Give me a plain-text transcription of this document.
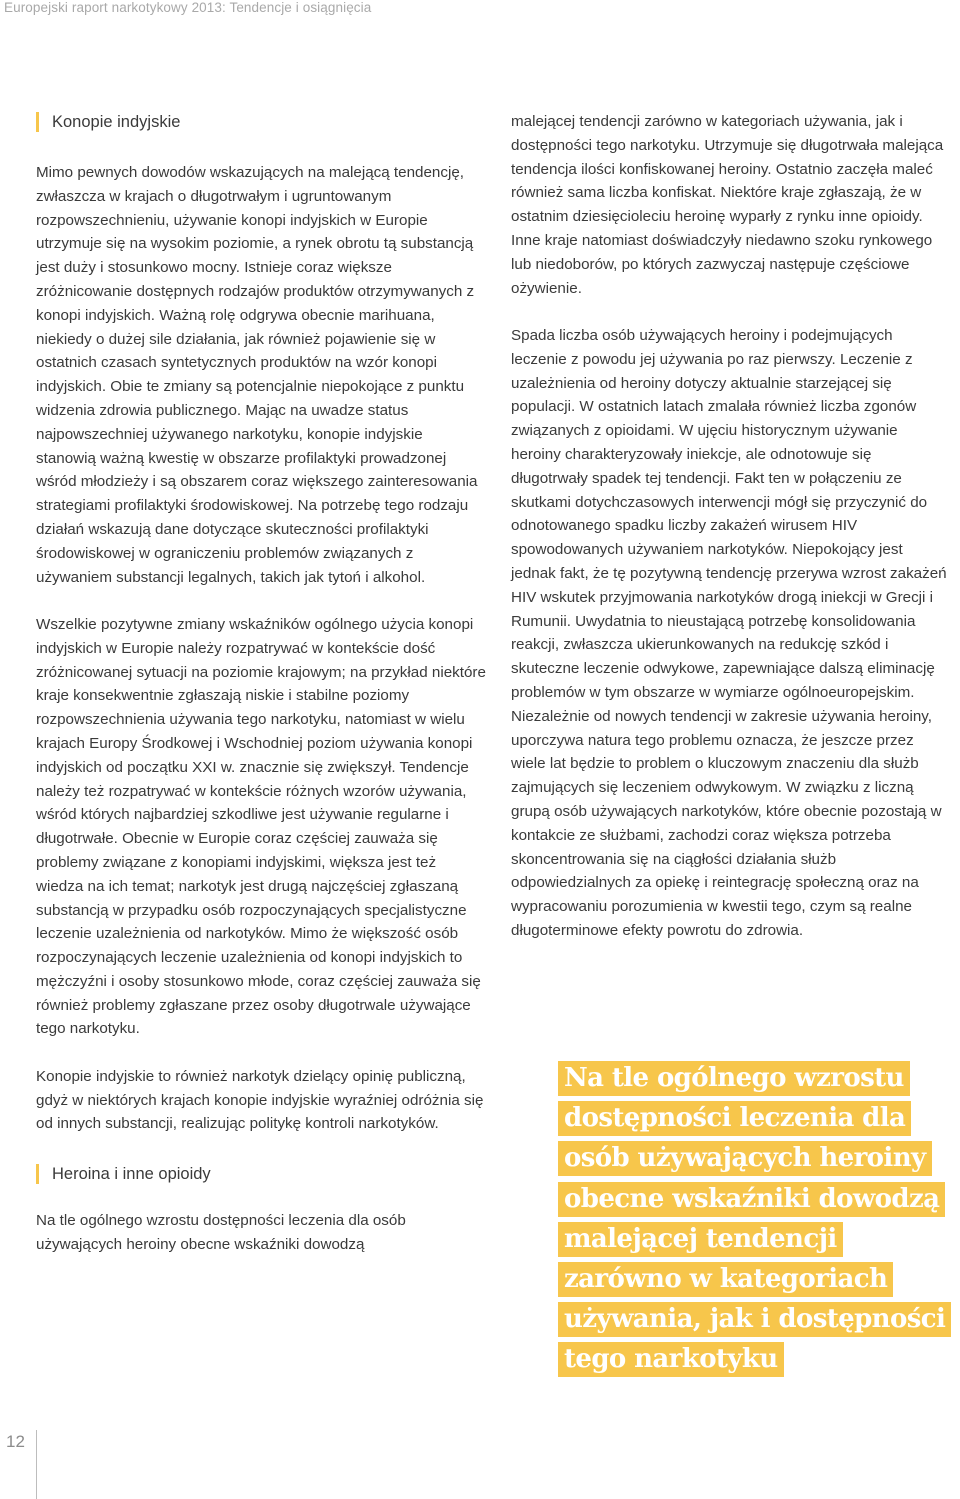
Europejski raport narkotykowy 2013: Tendencje i osiągnięcia
Konopie indyjskie

Mimo pewnych dowodów wskazujących na malejącą tendencję, zwłaszcza w krajach o długotrwałym i ugruntowanym rozpowszechnieniu, używanie konopi indyjskich w Europie utrzymuje się na wysokim poziomie, a rynek obrotu tą substancją jest duży i stosunkowo mocny. Istnieje coraz większe zróżnicowanie dostępnych rodzajów produktów otrzymywanych z konopi indyjskich. Ważną rolę odgrywa obecnie marihuana, niekiedy o dużej sile działania, jak również pojawienie się w ostatnich czasach syntetycznych produktów na wzór konopi indyjskich. Obie te zmiany są potencjalnie niepokojące z punktu widzenia zdrowia publicznego. Mając na uwadze status najpowszechniej używanego narkotyku, konopie indyjskie stanowią ważną kwestię w obszarze profilaktyki prowadzonej wśród młodzieży i są obszarem coraz większego zainteresowania strategiami profilaktyki środowiskowej. Na potrzebę tego rodzaju działań wskazują dane dotyczące skuteczności profilaktyki środowiskowej w ograniczeniu problemów związanych z używaniem substancji legalnych, takich jak tytoń i alkohol.

Wszelkie pozytywne zmiany wskaźników ogólnego użycia konopi indyjskich w Europie należy rozpatrywać w kontekście dość zróżnicowanej sytuacji na poziomie krajowym; na przykład niektóre kraje konsekwentnie zgłaszają niskie i stabilne poziomy rozpowszechnienia używania tego narkotyku, natomiast w wielu krajach Europy Środkowej i Wschodniej poziom używania konopi indyjskich od początku XXI w. znacznie się zwiększył. Tendencje należy też rozpatrywać w kontekście różnych wzorów używania, wśród których najbardziej szkodliwe jest używanie regularne i długotrwałe. Obecnie w Europie coraz częściej zauważa się problemy związane z konopiami indyjskimi, większa jest też wiedza na ich temat; narkotyk jest drugą najczęściej zgłaszaną substancją w przypadku osób rozpoczynających specjalistyczne leczenie uzależnienia od narkotyków. Mimo że większość osób rozpoczynających leczenie uzależnienia od konopi indyjskich to mężczyźni i osoby stosunkowo młode, coraz częściej zauważa się również problemy zgłaszane przez osoby długotrwale używające tego narkotyku.

Konopie indyjskie to również narkotyk dzielący opinię publiczną, gdyż w niektórych krajach konopie indyjskie wyraźniej odróżnia się od innych substancji, realizując politykę kontroli narkotyków.

Heroina i inne opioidy

Na tle ogólnego wzrostu dostępności leczenia dla osób używających heroiny obecne wskaźniki dowodzą

malejącej tendencji zarówno w kategoriach używania, jak i dostępności tego narkotyku. Utrzymuje się długotrwała malejąca tendencja ilości konfiskowanej heroiny. Ostatnio zaczęła maleć również sama liczba konfiskat. Niektóre kraje zgłaszają, że w ostatnim dziesięcioleciu heroinę wyparły z rynku inne opioidy. Inne kraje natomiast doświadczyły niedawno szoku rynkowego lub niedoborów, po których zazwyczaj następuje częściowe ożywienie.

Spada liczba osób używających heroiny i podejmujących leczenie z powodu jej używania po raz pierwszy. Leczenie z uzależnienia od heroiny dotyczy aktualnie starzejącej się populacji. W ostatnich latach zmalała również liczba zgonów związanych z opioidami. W ujęciu historycznym używanie heroiny charakteryzowały iniekcje, ale odnotowuje się długotrwały spadek tej tendencji. Fakt ten w połączeniu ze skutkami dotychczasowych interwencji mógł się przyczynić do odnotowanego spadku liczby zakażeń wirusem HIV spowodowanych używaniem narkotyków. Niepokojący jest jednak fakt, że tę pozytywną tendencję przerywa wzrost zakażeń HIV wskutek przyjmowania narkotyków drogą iniekcji w Grecji i Rumunii. Uwydatnia to nieustającą potrzebę konsolidowania reakcji, zwłaszcza ukierunkowanych na redukcję szkód i skuteczne leczenie odwykowe, zapewniające dalszą eliminację problemów w tym obszarze w wymiarze ogólnoeuropejskim. Niezależnie od nowych tendencji w zakresie używania heroiny, uporczywa natura tego problemu oznacza, że jeszcze przez wiele lat będzie to problem o kluczowym znaczeniu dla służb zajmujących się leczeniem odwykowym. W związku z liczną grupą osób używających narkotyków, które obecnie pozostają w kontakcie ze służbami, zachodzi coraz większa potrzeba skoncentrowania się na ciągłości działania służb odpowiedzialnych za opiekę i reintegrację społeczną oraz na wypracowaniu porozumienia w kwestii tego, czym są realne długoterminowe efekty powrotu do zdrowia.

Na tle ogólnego wzrostu dostępności leczenia dla osób używających heroiny obecne wskaźniki dowodzą malejącej tendencji zarówno w kategoriach używania, jak i dostępności tego narkotyku
12
